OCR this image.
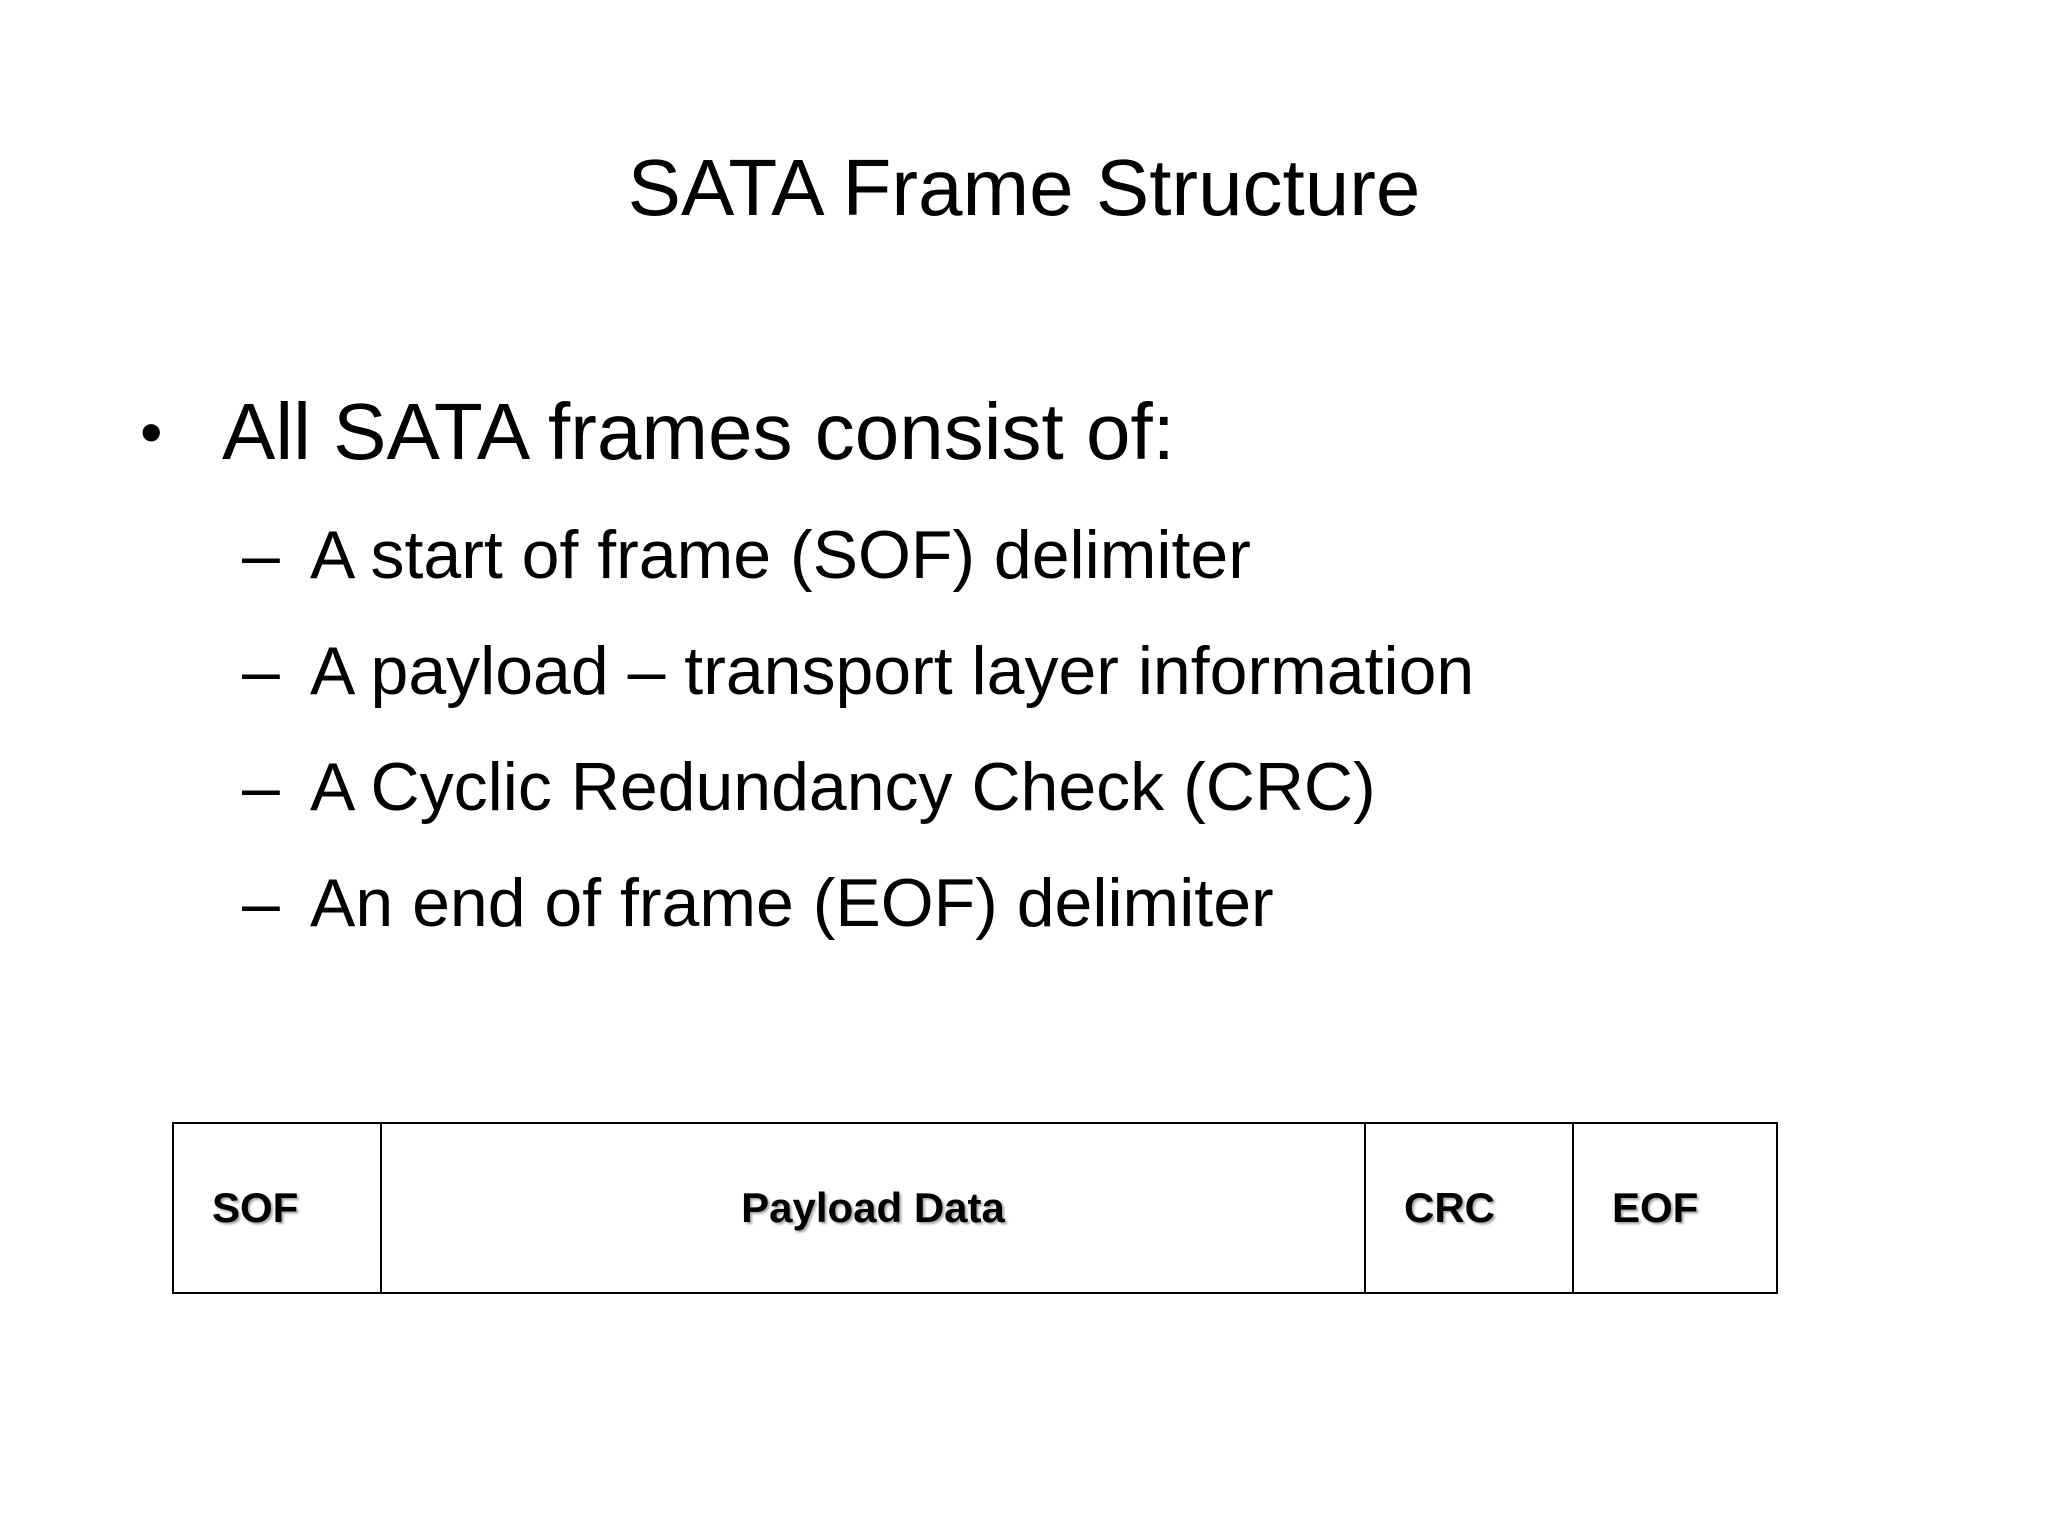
SATA Frame Structure
• All SATA frames consist of:
– A start of frame (SOF) delimiter
– A payload – transport layer information
– A Cyclic Redundancy Check (CRC)
– An end of frame (EOF) delimiter
SOF	Payload Data	CRC	EOF
